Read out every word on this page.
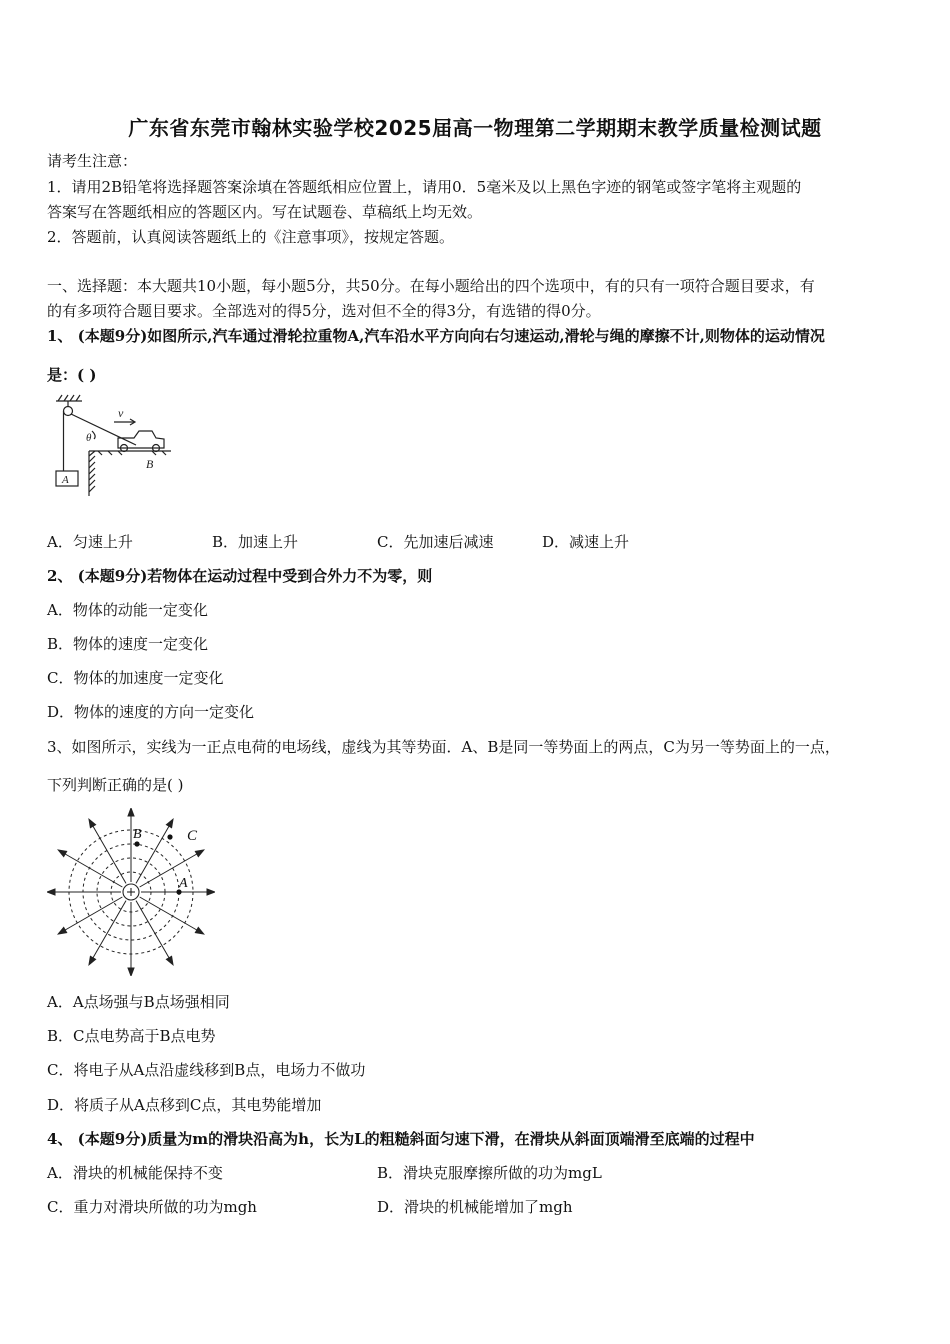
广东省东莞市翰林实验学校2025届高一物理第二学期期末教学质量检测试题
请考生注意：
1．请用2B铅笔将选择题答案涂填在答题纸相应位置上，请用0．5毫米及以上黑色字迹的钢笔或签字笔将主观题的
答案写在答题纸相应的答题区内。写在试题卷、草稿纸上均无效。
2．答题前，认真阅读答题纸上的《注意事项》，按规定答题。
一、选择题：本大题共10小题，每小题5分，共50分。在每小题给出的四个选项中，有的只有一项符合题目要求，有
的有多项符合题目要求。全部选对的得5分，选对但不全的得3分，有选错的得0分。
1、 (本题9分)如图所示,汽车通过滑轮拉重物A,汽车沿水平方向向右匀速运动,滑轮与绳的摩擦不计,则物体的运动情况
是：( )
v
θ
A
B
A．匀速上升	B．加速上升	C．先加速后减速	D．减速上升
2、 (本题9分)若物体在运动过程中受到合外力不为零，则
A．物体的动能一定变化
B．物体的速度一定变化
C．物体的加速度一定变化
D．物体的速度的方向一定变化
3、如图所示，实线为一正点电荷的电场线，虚线为其等势面．A、B是同一等势面上的两点，C为另一等势面上的一点，
下列判断正确的是( )
B	C
A
A．A点场强与B点场强相同
B．C点电势高于B点电势
C．将电子从A点沿虚线移到B点，电场力不做功
D．将质子从A点移到C点，其电势能增加
4、 (本题9分)质量为m的滑块沿高为h，长为L的粗糙斜面匀速下滑，在滑块从斜面顶端滑至底端的过程中
A．滑块的机械能保持不变	B．滑块克服摩擦所做的功为mgL
C．重力对滑块所做的功为mgh	D．滑块的机械能增加了mgh
